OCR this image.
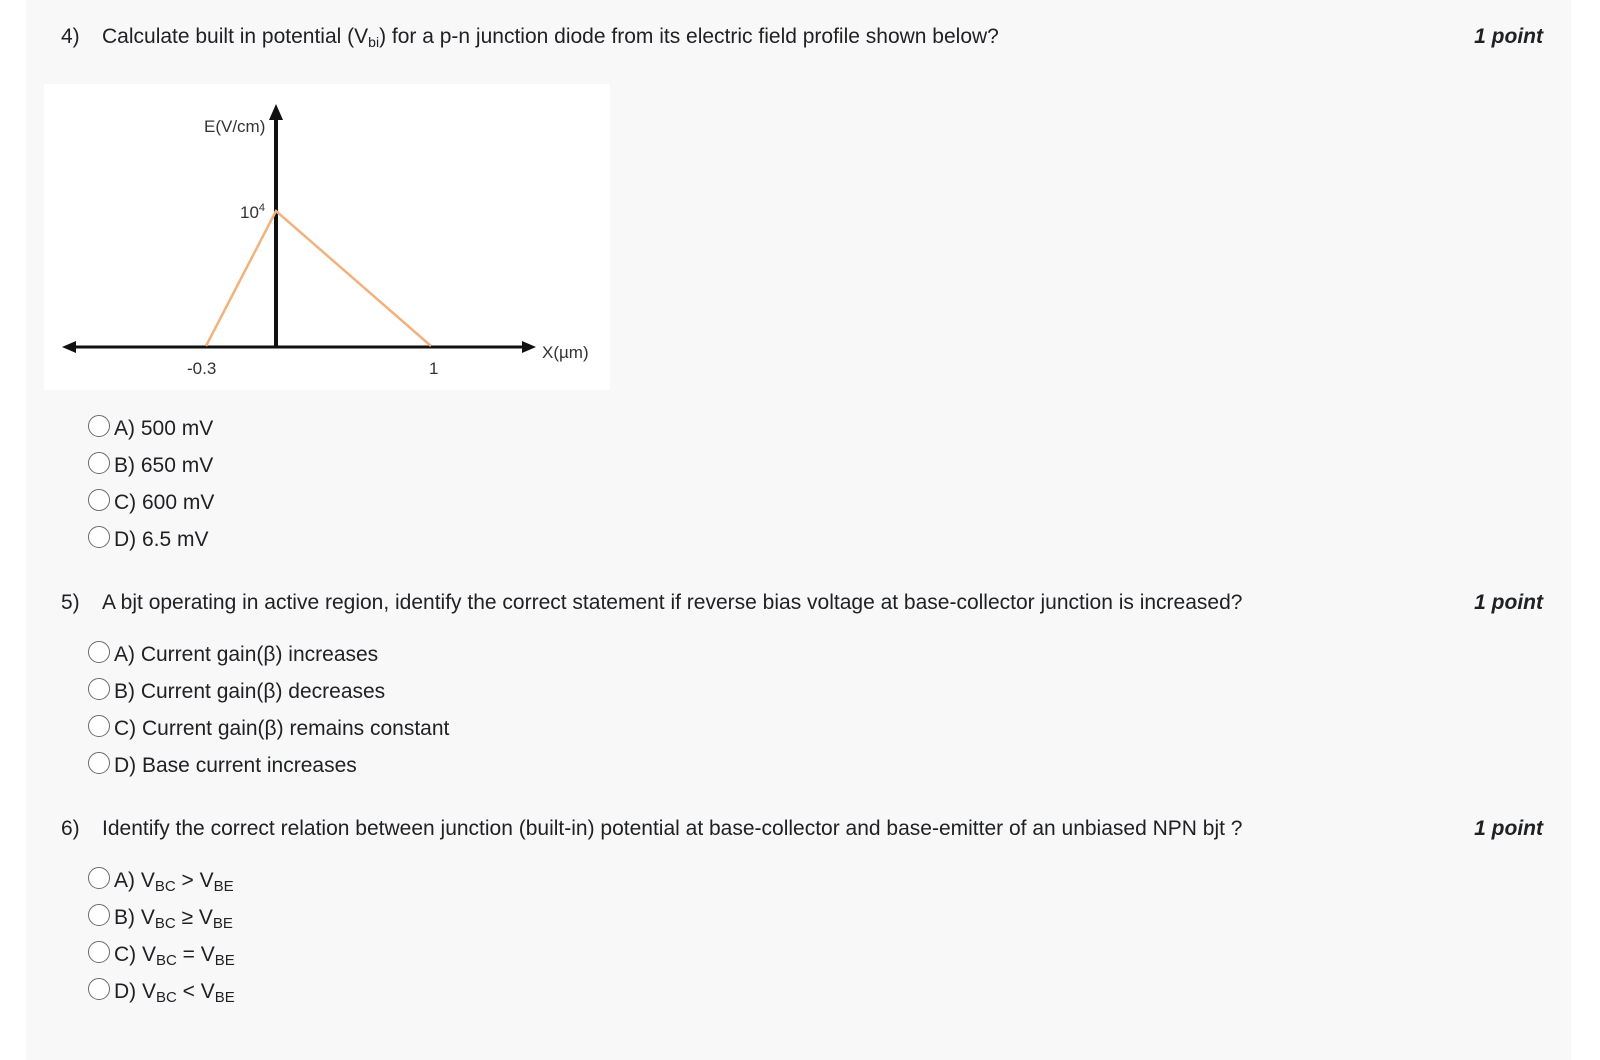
4) Calculate built in potential $(V_{bi})$ for a p-n junction diode from its electric field profile shown below?	1 point
E(V/cm)
$10^4$
X(µm)
-0.3	1
A) 500 mV
B) 650 mV
C) 600 mV
D) 6.5 mV
5) A bjt operating in active region, identify the correct statement if reverse bias voltage at base-collector junction is increased?	1 point
A) Current gain(β) increases
B) Current gain(β) decreases
C) Current gain(β) remains constant
D) Base current increases
6) Identify the correct relation between junction (built-in) potential at base-collector and base-emitter of an unbiased NPN bjt ?	1 point
A) $V_{BC} > V_{BE}$
B) $V_{BC} \ge V_{BE}$
C) $V_{BC} = V_{BE}$
D) $V_{BC} < V_{BE}$
